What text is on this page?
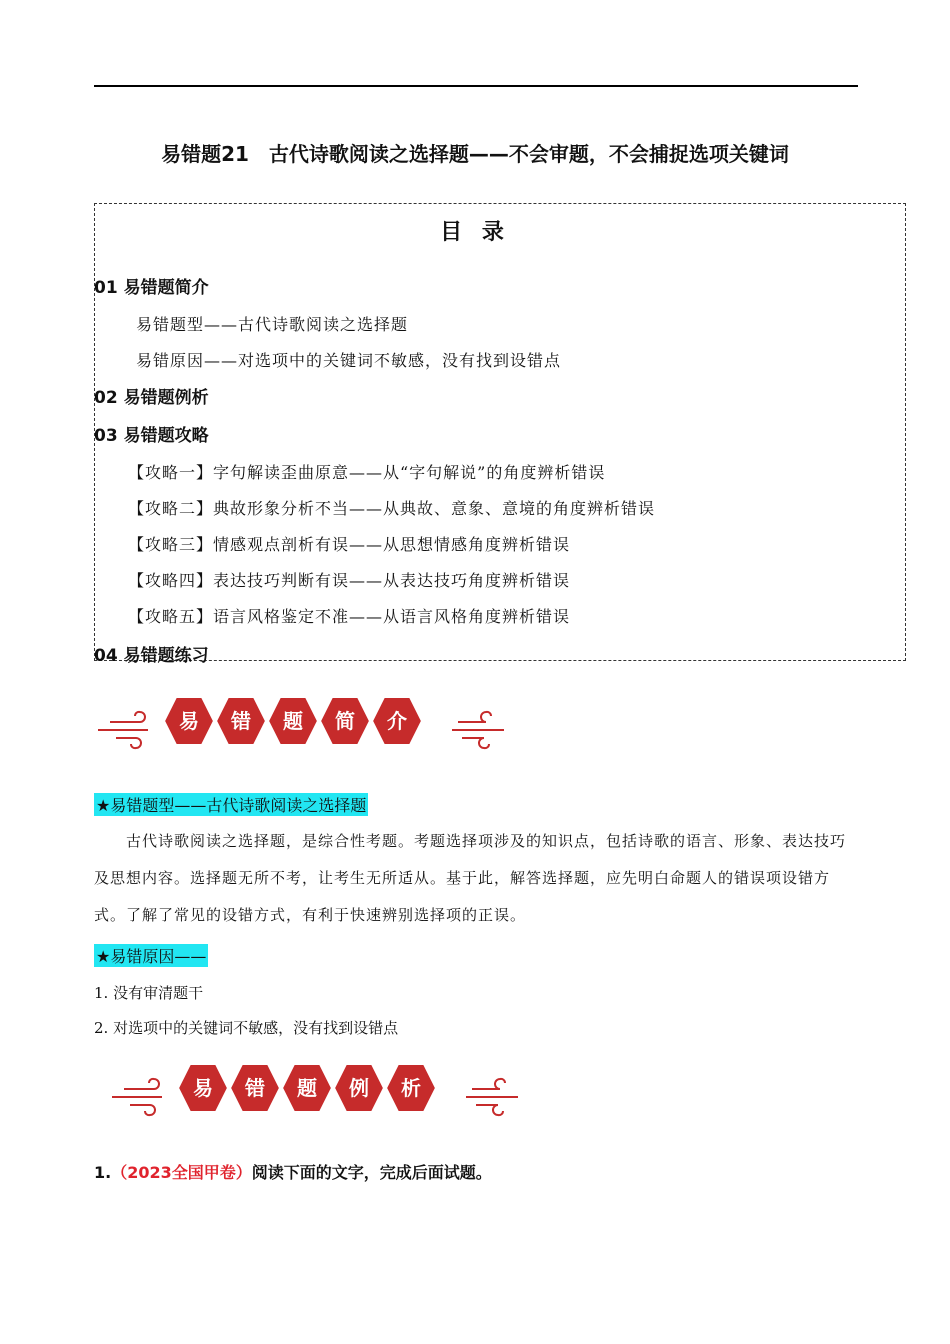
易错题21　古代诗歌阅读之选择题——不会审题，不会捕捉选项关键词
目 录
01 易错题简介
易错题型——古代诗歌阅读之选择题
易错原因——对选项中的关键词不敏感，没有找到设错点
02 易错题例析
03 易错题攻略
【攻略一】字句解读歪曲原意——从“字句解说”的角度辨析错误
【攻略二】典故形象分析不当——从典故、意象、意境的角度辨析错误
【攻略三】情感观点剖析有误——从思想情感角度辨析错误
【攻略四】表达技巧判断有误——从表达技巧角度辨析错误
【攻略五】语言风格鉴定不准——从语言风格角度辨析错误
04 易错题练习
易 错 题 简 介
★易错题型——古代诗歌阅读之选择题
古代诗歌阅读之选择题，是综合性考题。考题选择项涉及的知识点，包括诗歌的语言、形象、表达技巧及思想内容。选择题无所不考，让考生无所适从。基于此，解答选择题，应先明白命题人的错误项设错方式。了解了常见的设错方式，有利于快速辨别选择项的正误。
★易错原因——
1. 没有审清题干
2. 对选项中的关键词不敏感，没有找到设错点
易 错 题 例 析
1.（2023全国甲卷）阅读下面的文字，完成后面试题。
